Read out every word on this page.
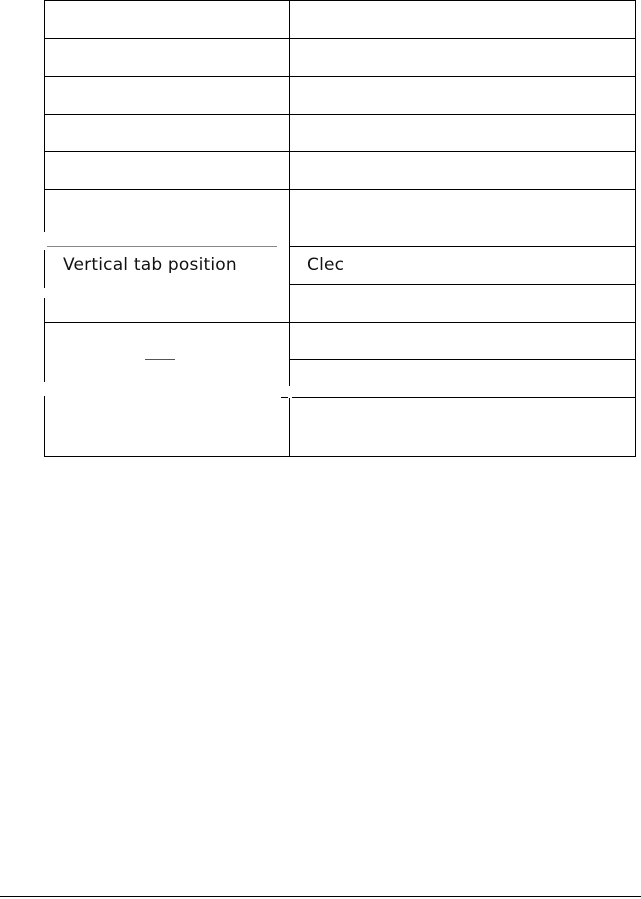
Vertical tab position	Clec
